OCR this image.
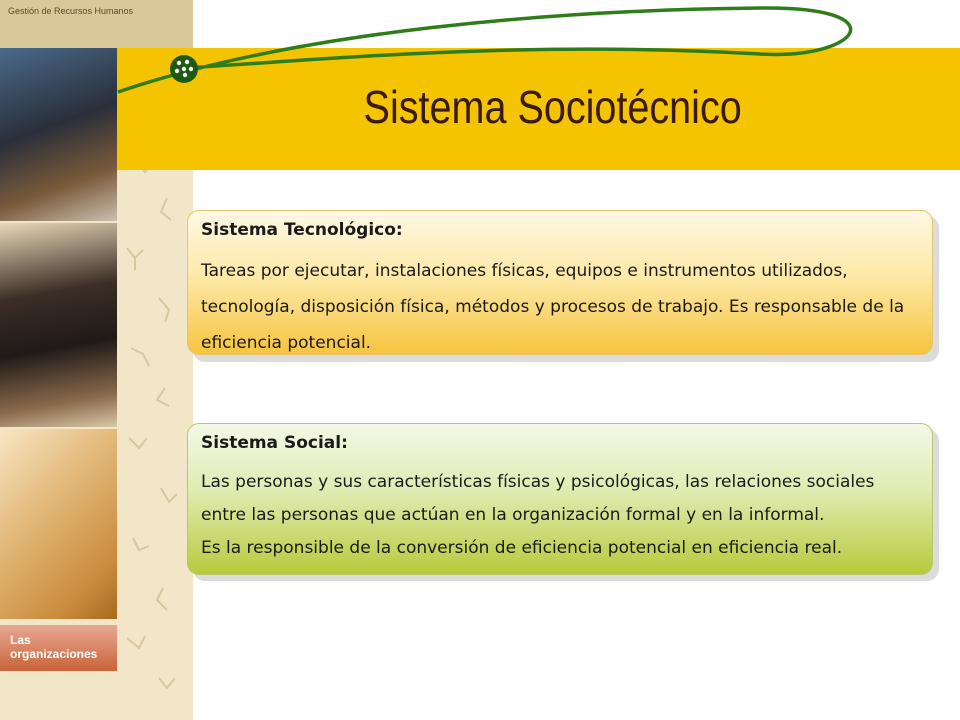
Gestión de Recursos Humanos
Sistema Sociotécnico
Las organizaciones
Sistema Tecnológico:

Tareas por ejecutar, instalaciones físicas, equipos e instrumentos utilizados, tecnología, disposición física, métodos y procesos de trabajo. Es responsable de la eficiencia potencial.

Sistema Social:

Las personas y sus características físicas y psicológicas, las relaciones sociales
entre las personas que actúan en la organización formal y en la informal.
Es la responsible de la conversión de eficiencia potencial en eficiencia real.
